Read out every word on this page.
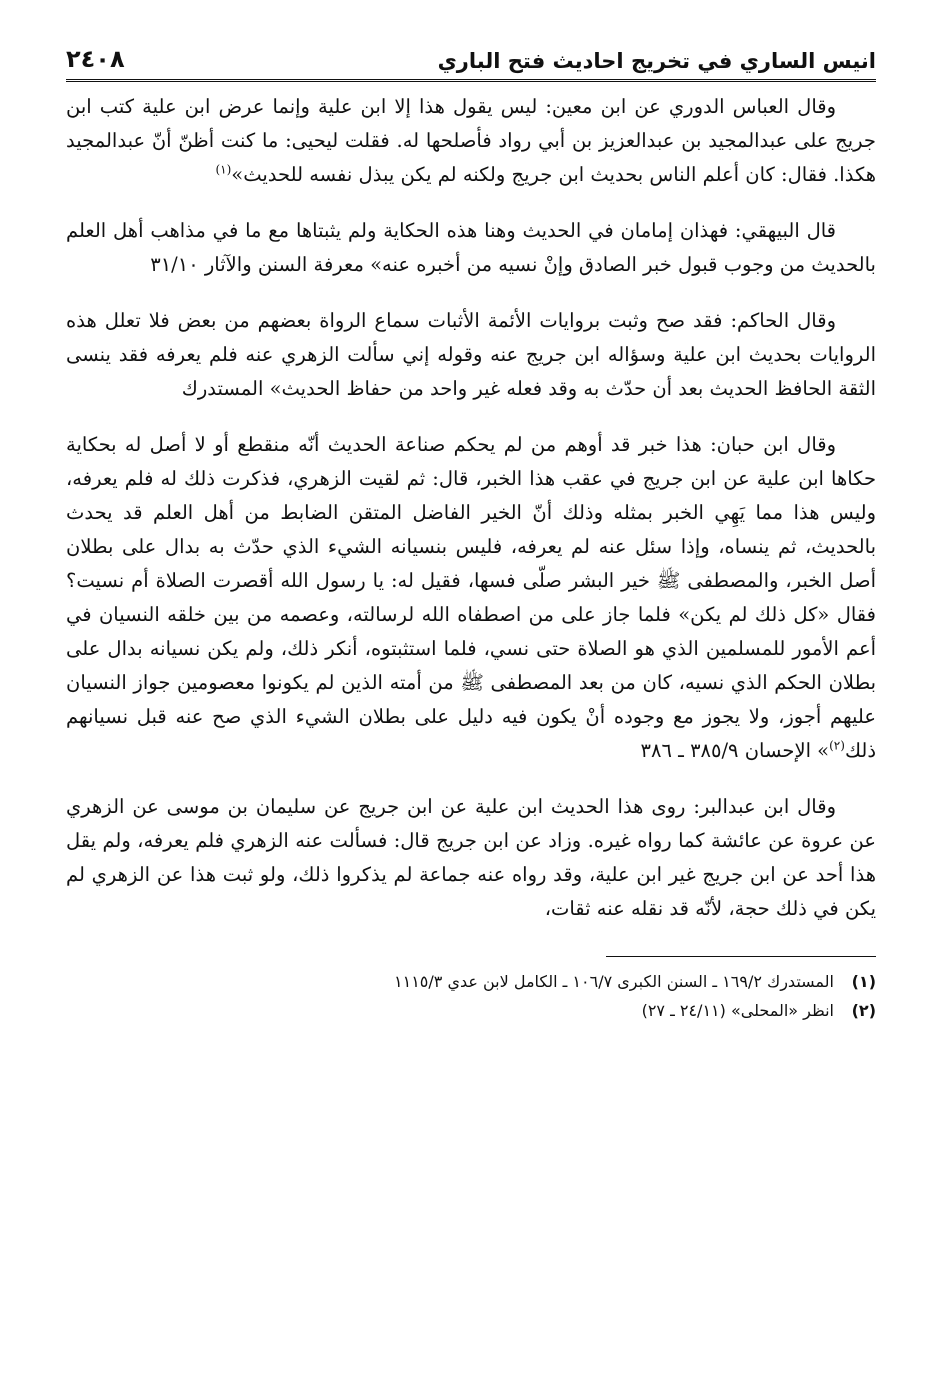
انيس الساري في تخريج احاديث فتح الباري
٢٤٠٨

وقال العباس الدوري عن ابن معين: ليس يقول هذا إلا ابن علية وإنما عرض ابن علية كتب ابن جريج على عبدالمجيد بن عبدالعزيز بن أبي رواد فأصلحها له. فقلت ليحيى: ما كنت أظنّ أنّ عبدالمجيد هكذا. فقال: كان أعلم الناس بحديث ابن جريج ولكنه لم يكن يبذل نفسه للحديث»$^{(١)}$

قال البيهقي: فهذان إمامان في الحديث وهنا هذه الحكاية ولم يثبتاها مع ما في مذاهب أهل العلم بالحديث من وجوب قبول خبر الصادق وإنْ نسيه من أخبره عنه» معرفة السنن والآثار ٣١/١٠

وقال الحاكم: فقد صح وثبت بروايات الأئمة الأثبات سماع الرواة بعضهم من بعض فلا تعلل هذه الروايات بحديث ابن علية وسؤاله ابن جريج عنه وقوله إني سألت الزهري عنه فلم يعرفه فقد ينسى الثقة الحافظ الحديث بعد أن حدّث به وقد فعله غير واحد من حفاظ الحديث» المستدرك

وقال ابن حبان: هذا خبر قد أوهم من لم يحكم صناعة الحديث أنّه منقطع أو لا أصل له بحكاية حكاها ابن علية عن ابن جريج في عقب هذا الخبر، قال: ثم لقيت الزهري، فذكرت ذلك له فلم يعرفه، وليس هذا مما يَهِي الخبر بمثله وذلك أنّ الخير الفاضل المتقن الضابط من أهل العلم قد يحدث بالحديث، ثم ينساه، وإذا سئل عنه لم يعرفه، فليس بنسيانه الشيء الذي حدّث به بدال على بطلان أصل الخبر، والمصطفى ﷺ خير البشر صلّى فسها، فقيل له: يا رسول الله أقصرت الصلاة أم نسيت؟ فقال «كل ذلك لم يكن» فلما جاز على من اصطفاه الله لرسالته، وعصمه من بين خلقه النسيان في أعم الأمور للمسلمين الذي هو الصلاة حتى نسي، فلما استثبتوه، أنكر ذلك، ولم يكن نسيانه بدال على بطلان الحكم الذي نسيه، كان من بعد المصطفى ﷺ من أمته الذين لم يكونوا معصومين جواز النسيان عليهم أجوز، ولا يجوز مع وجوده أنْ يكون فيه دليل على بطلان الشيء الذي صح عنه قبل نسيانهم ذلك$^{(٢)}$» الإحسان ٣٨٥/٩ ـ ٣٨٦

وقال ابن عبدالبر: روى هذا الحديث ابن علية عن ابن جريج عن سليمان بن موسى عن الزهري عن عروة عن عائشة كما رواه غيره. وزاد عن ابن جريج قال: فسألت عنه الزهري فلم يعرفه، ولم يقل هذا أحد عن ابن جريج غير ابن علية، وقد رواه عنه جماعة لم يذكروا ذلك، ولو ثبت هذا عن الزهري لم يكن في ذلك حجة، لأنّه قد نقله عنه ثقات،

(١)
المستدرك ١٦٩/٢ ـ السنن الكبرى ١٠٦/٧ ـ الكامل لابن عدي ١١١٥/٣
(٢)
انظر «المحلى» (٢٤/١١ ـ ٢٧)
